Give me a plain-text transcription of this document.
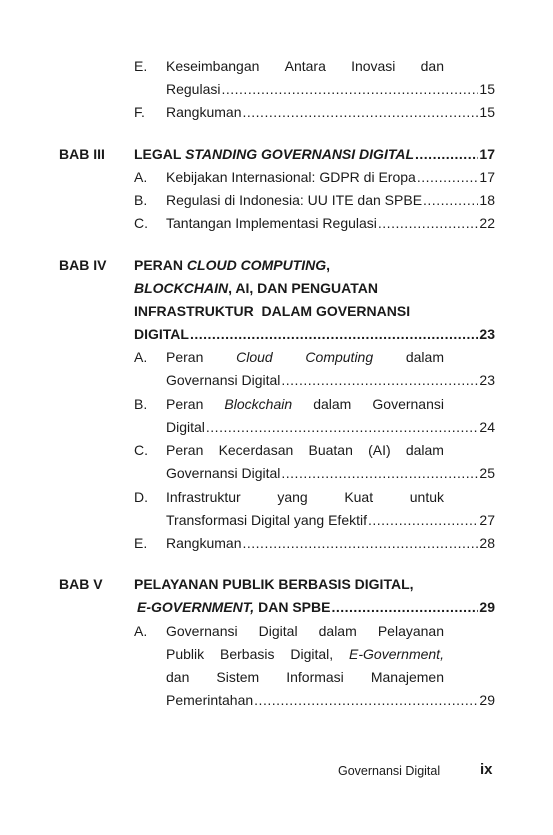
E. Keseimbangan Antara Inovasi dan
Regulasi .....	15
F. Rangkuman .....	15
BAB III LEGAL STANDING GOVERNANSI DIGITAL .....	17
A. Kebijakan Internasional: GDPR di Eropa .....	17
B. Regulasi di Indonesia: UU ITE dan SPBE .....	18
C. Tantangan Implementasi Regulasi .....	22
BAB IV PERAN CLOUD COMPUTING,
BLOCKCHAIN, AI, DAN PENGUATAN
INFRASTRUKTUR  DALAM GOVERNANSI
DIGITAL .....	23
A. Peran Cloud Computing dalam
Governansi Digital .....	23
B. Peran Blockchain dalam Governansi
Digital .....	24
C. Peran Kecerdasan Buatan (AI) dalam
Governansi Digital .....	25
D. Infrastruktur	yang	Kuat	untuk
Transformasi Digital yang Efektif .....	27
E. Rangkuman .....	28
BAB V PELAYANAN PUBLIK BERBASIS DIGITAL,
E-GOVERNMENT, DAN SPBE .....	29
A. Governansi Digital dalam Pelayanan
Publik Berbasis Digital, E-Government,
dan Sistem Informasi Manajemen
Pemerintahan .....	29
Governansi Digital	ix
